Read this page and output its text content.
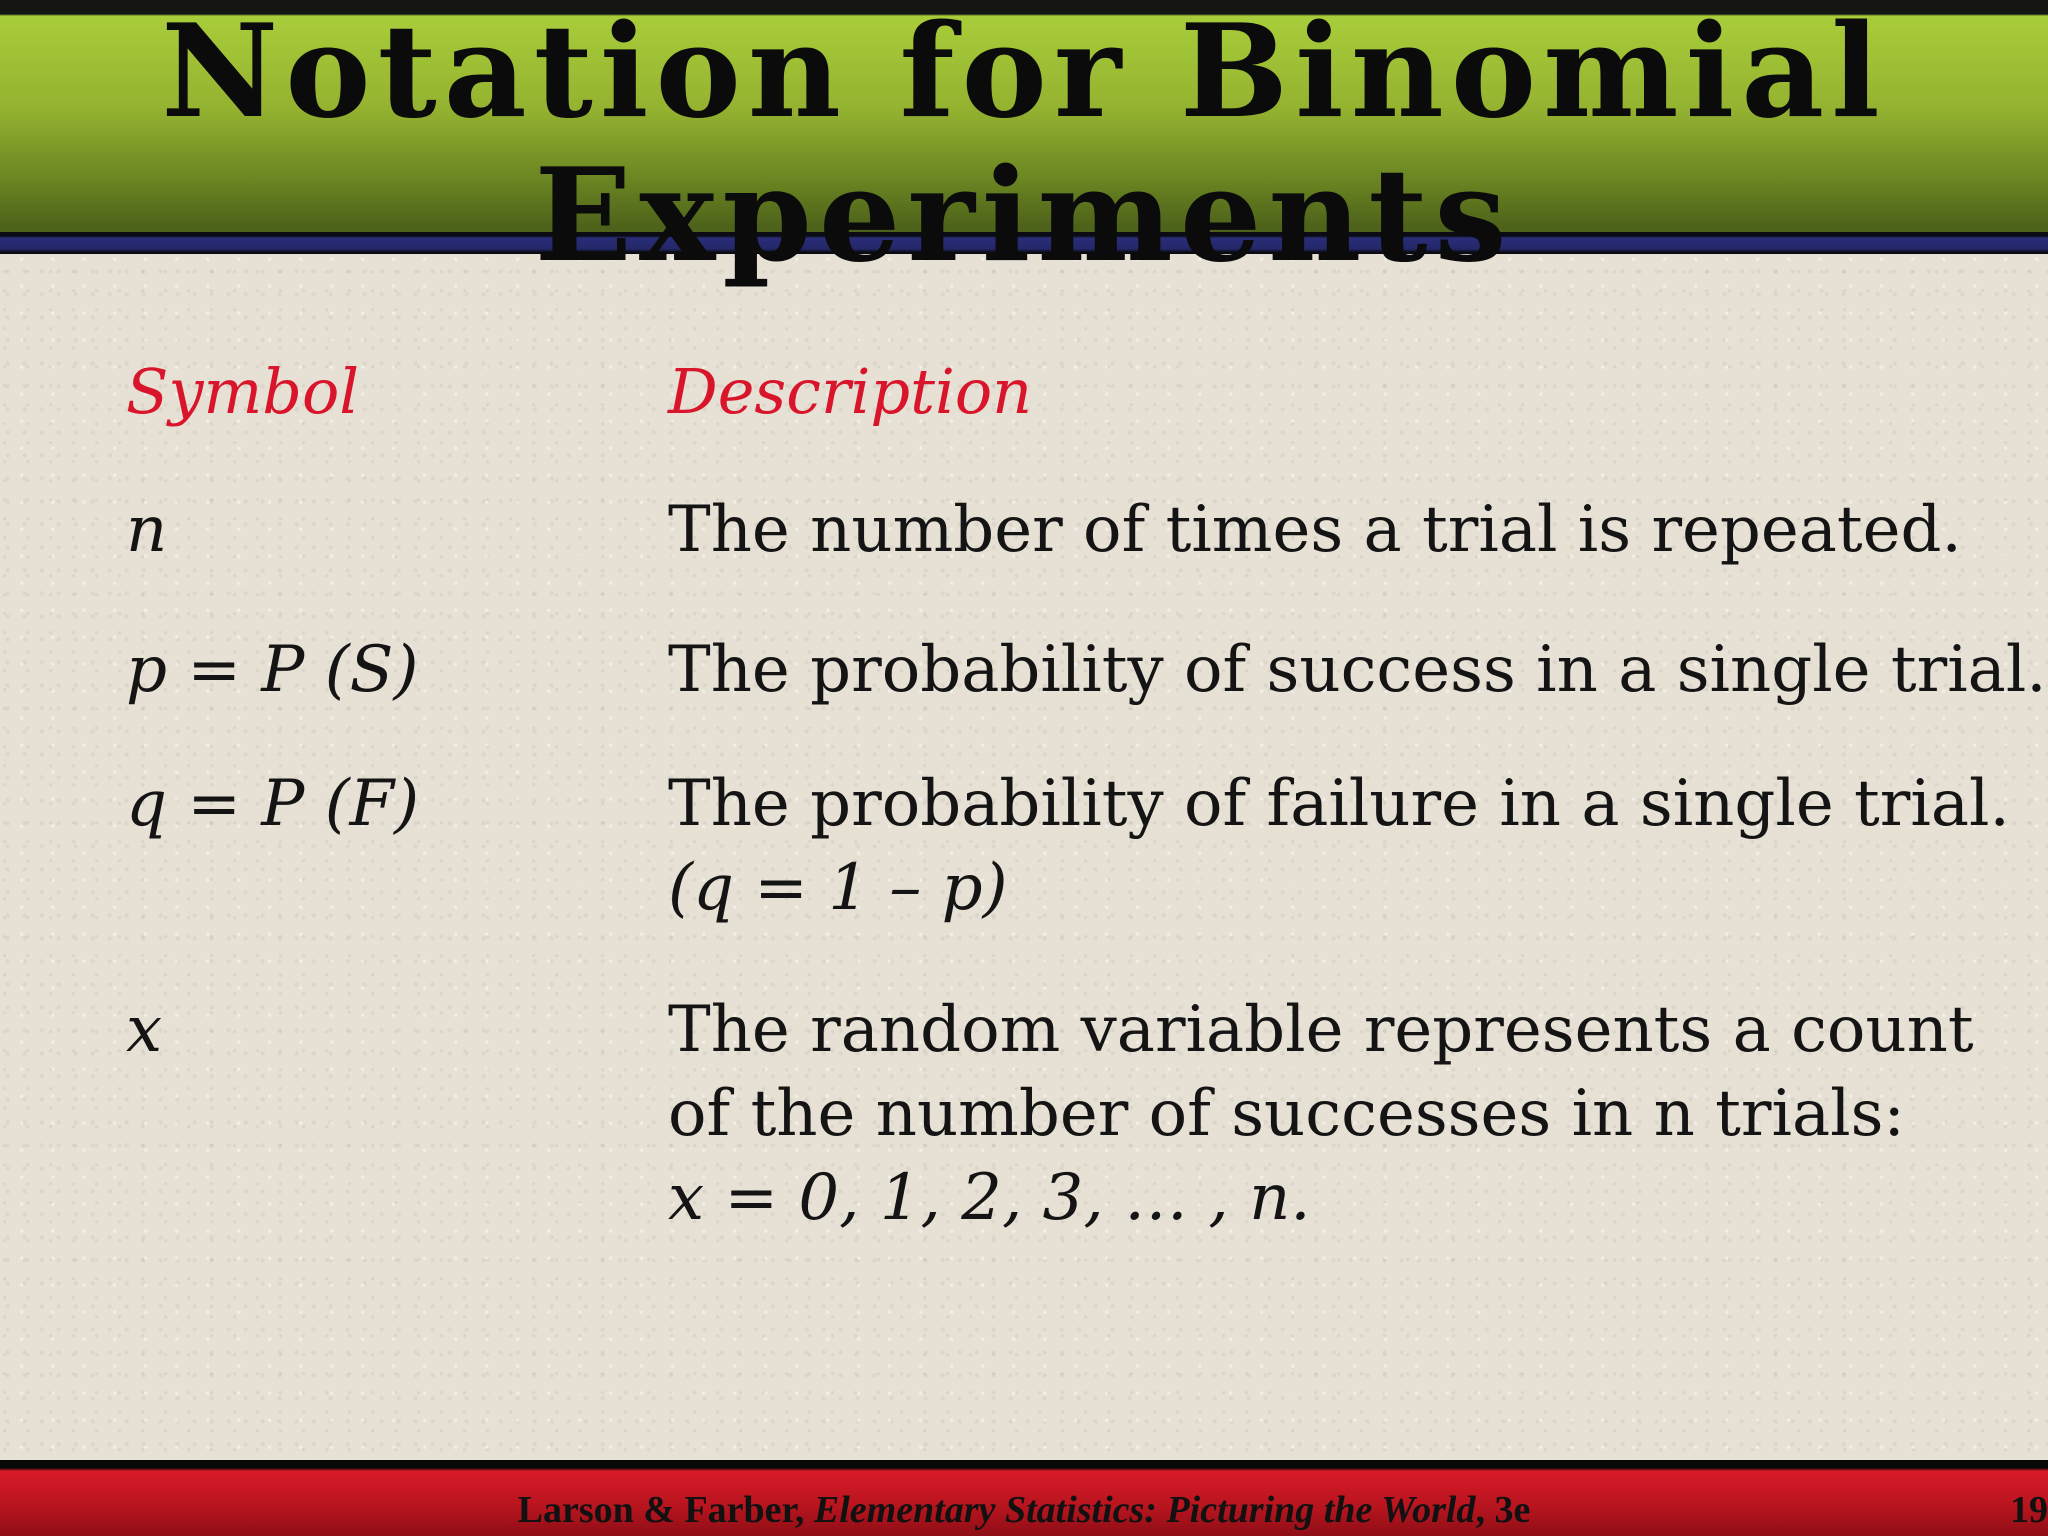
Notation for Binomial
Experiments
Symbol	Description
n	The number of times a trial is repeated.
p = P (S)	The probability of success in a single trial.
q = P (F)	The probability of failure in a single trial.
(q = 1 – p)
x	The random variable represents a count
of the number of successes in n trials:
x = 0, 1, 2, 3, … , n.
Larson & Farber, Elementary Statistics: Picturing the World, 3e	19
